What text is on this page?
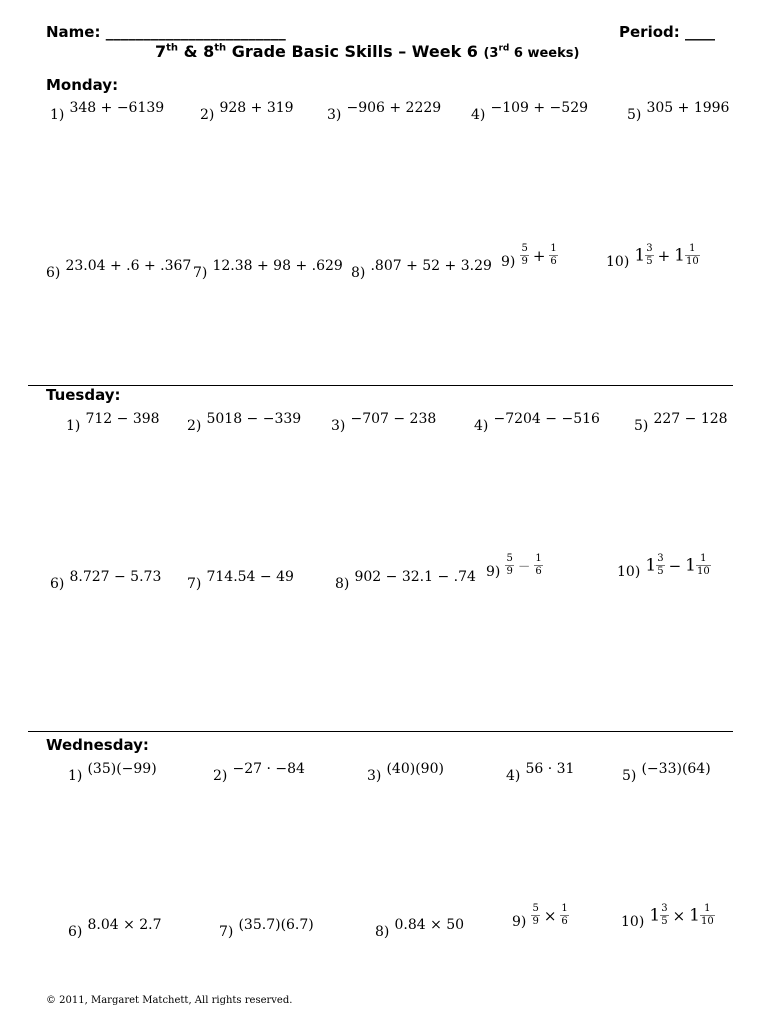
Name: ________________________	Period: ____
7th & 8th Grade Basic Skills – Week 6 (3rd 6 weeks)
Monday:
1) 348 + −6139	2) 928 + 319 3) −906 + 2229 4) −109 + −529	5) 305 + 1996
6) 23.04 + .6 + .367 7) 12.38 + 98 + .629 8) .807 + 52 + 3.29 $9) \frac{5}{9} + \frac{1}{6}$	10) $1 \frac{3}{5} + 1 \frac{1}{10}$
Tuesday:
1) 712 − 398 2) 5018 − −339 3) −707 − 238	4) −7204 − −516 5) 227 − 128
6) 8.727 − 5.73 7) 714.54 − 49	8) 902 − 32.1 − .74 $9) \frac{5}{9} - \frac{1}{6}$	10) $1 \frac{3}{5} - 1 \frac{1}{10}$
Wednesday:
1) (35)(−99)	2) −27 · −84	3) (40)(90)	4) 56 · 31	5) (−33)(64)
6) 8.04 × 2.7	7) (35.7)(6.7)	8) 0.84 × 50	$9) \frac{5}{9} \times \frac{1}{6}$	10) $1 \frac{3}{5} \times 1 \frac{1}{10}$
© 2011, Margaret Matchett, All rights reserved.
